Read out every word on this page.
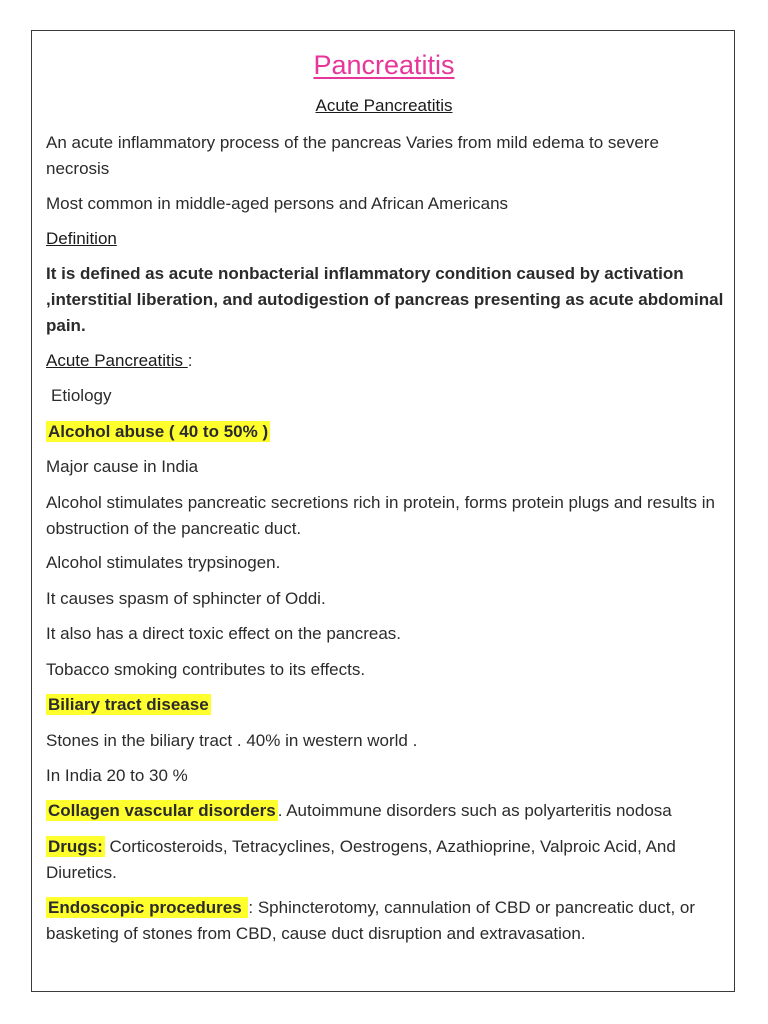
Pancreatitis
Acute Pancreatitis

An acute inflammatory process of the pancreas Varies from mild edema to severe necrosis

Most common in middle-aged persons and African Americans

Definition

It is defined as acute nonbacterial inflammatory condition caused by activation ,interstitial liberation, and autodigestion of pancreas presenting as acute abdominal pain.

Acute Pancreatitis :

Etiology

Alcohol abuse ( 40 to 50% )

Major cause in India

Alcohol stimulates pancreatic secretions rich in protein, forms protein plugs and results in obstruction of the pancreatic duct.

Alcohol stimulates trypsinogen.

It causes spasm of sphincter of Oddi.

It also has a direct toxic effect on the pancreas.

Tobacco smoking contributes to its effects.

Biliary tract disease

Stones in the biliary tract . 40% in western world .

In India 20 to 30 %

Collagen vascular disorders . Autoimmune disorders such as polyarteritis nodosa

Drugs: Corticosteroids, Tetracyclines, Oestrogens, Azathioprine, Valproic Acid, And Diuretics.

Endoscopic procedures : Sphincterotomy, cannulation of CBD or pancreatic duct, or basketing of stones from CBD, cause duct disruption and extravasation.
